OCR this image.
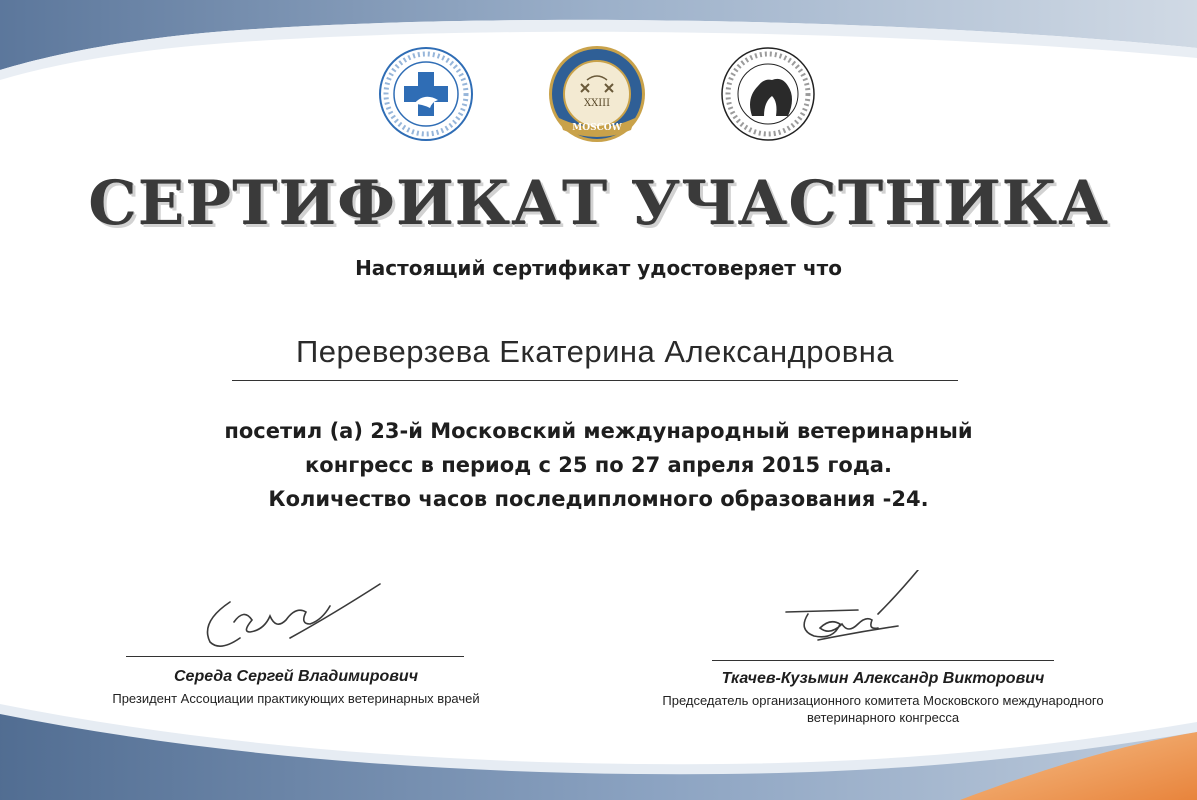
XXIII
MOSCOW
СЕРТИФИКАТ УЧАСТНИКА
Настоящий сертификат удостоверяет что
Переверзева Екатерина Александровна
посетил (а) 23-й Московский международный ветеринарный
конгресс в период с 25 по 27 апреля 2015 года.
Количество часов последипломного образования -24.
Середа Сергей Владимирович
Президент Ассоциации практикующих ветеринарных врачей
Ткачев-Кузьмин Александр Викторович
Председатель организационного комитета Московского международного
ветеринарного конгресса
